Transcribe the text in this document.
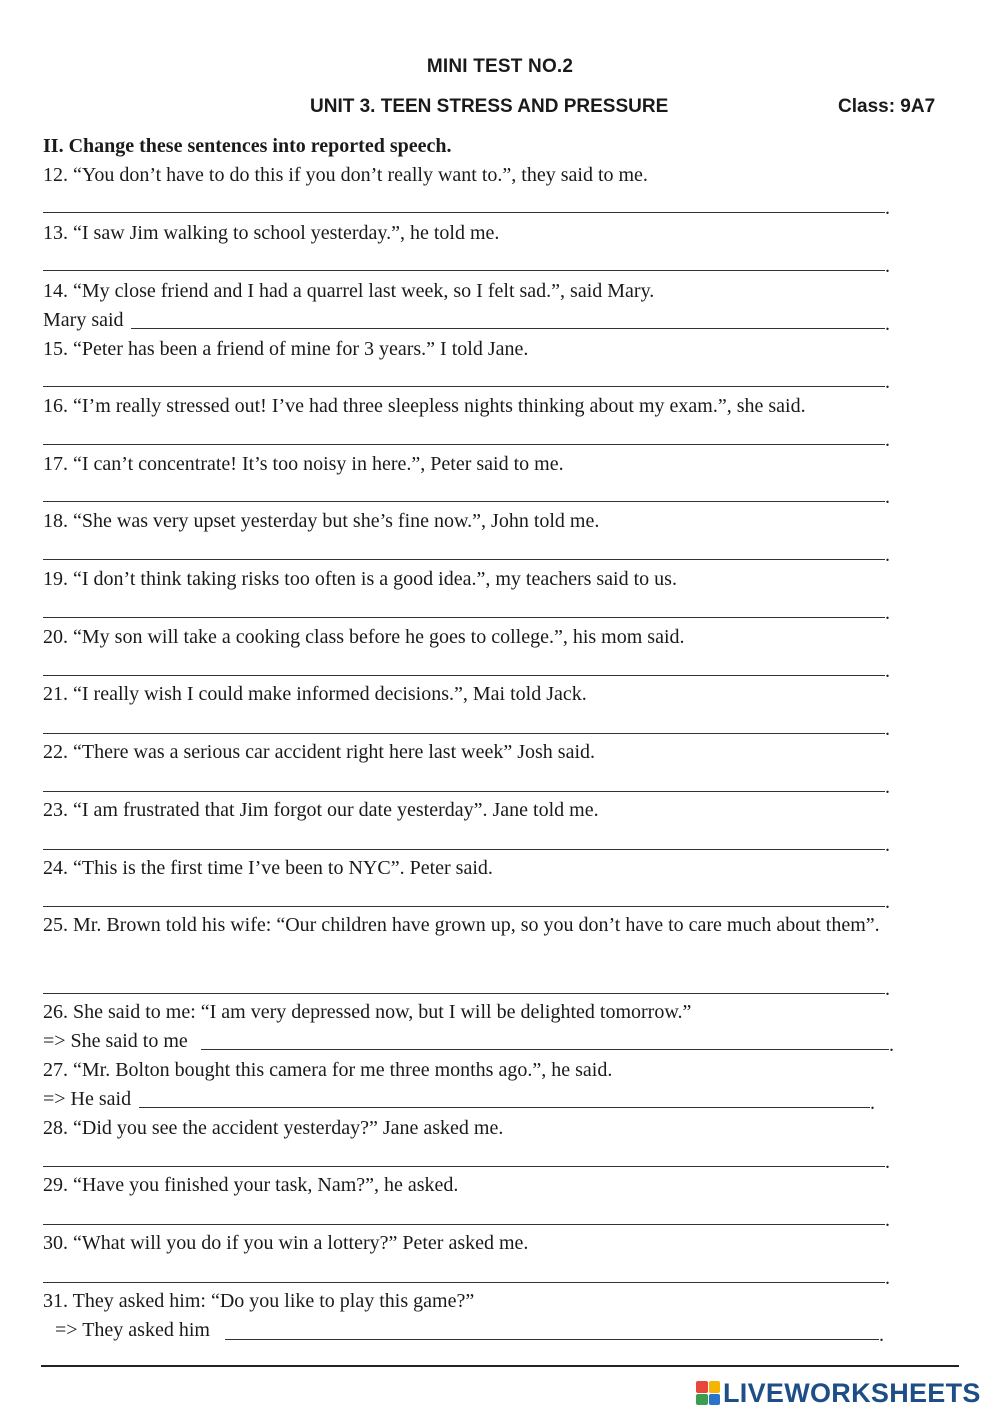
MINI TEST NO.2
UNIT 3. TEEN STRESS AND PRESSURE	Class: 9A7
II. Change these sentences into reported speech.
12. “You don’t have to do this if you don’t really want to.”, they said to me.
.
13. “I saw Jim walking to school yesterday.”, he told me.
.
14. “My close friend and I had a quarrel last week, so I felt sad.”, said Mary.
Mary said	.
15. “Peter has been a friend of mine for 3 years.” I told Jane.
.
16. “I’m really stressed out! I’ve had three sleepless nights thinking about my exam.”, she said.
.
17. “I can’t concentrate! It’s too noisy in here.”, Peter said to me.
.
18. “She was very upset yesterday but she’s fine now.”, John told me.
.
19. “I don’t think taking risks too often is a good idea.”, my teachers said to us.
.
20. “My son will take a cooking class before he goes to college.”, his mom said.
.
21. “I really wish I could make informed decisions.”, Mai told Jack.
.
22. “There was a serious car accident right here last week” Josh said.
.
23. “I am frustrated that Jim forgot our date yesterday”. Jane told me.
.
24. “This is the first time I’ve been to NYC”. Peter said.
.
25. Mr. Brown told his wife: “Our children have grown up, so you don’t have to care much about them”.
.
26. She said to me: “I am very depressed now, but I will be delighted tomorrow.”
=> She said to me	.
27. “Mr. Bolton bought this camera for me three months ago.”, he said.
=> He said	.
28. “Did you see the accident yesterday?” Jane asked me.
.
29. “Have you finished your task, Nam?”, he asked.
.
30. “What will you do if you win a lottery?” Peter asked me.
.
31. They asked him: “Do you like to play this game?”
=> They asked him	.
LIVEWORKSHEETS
